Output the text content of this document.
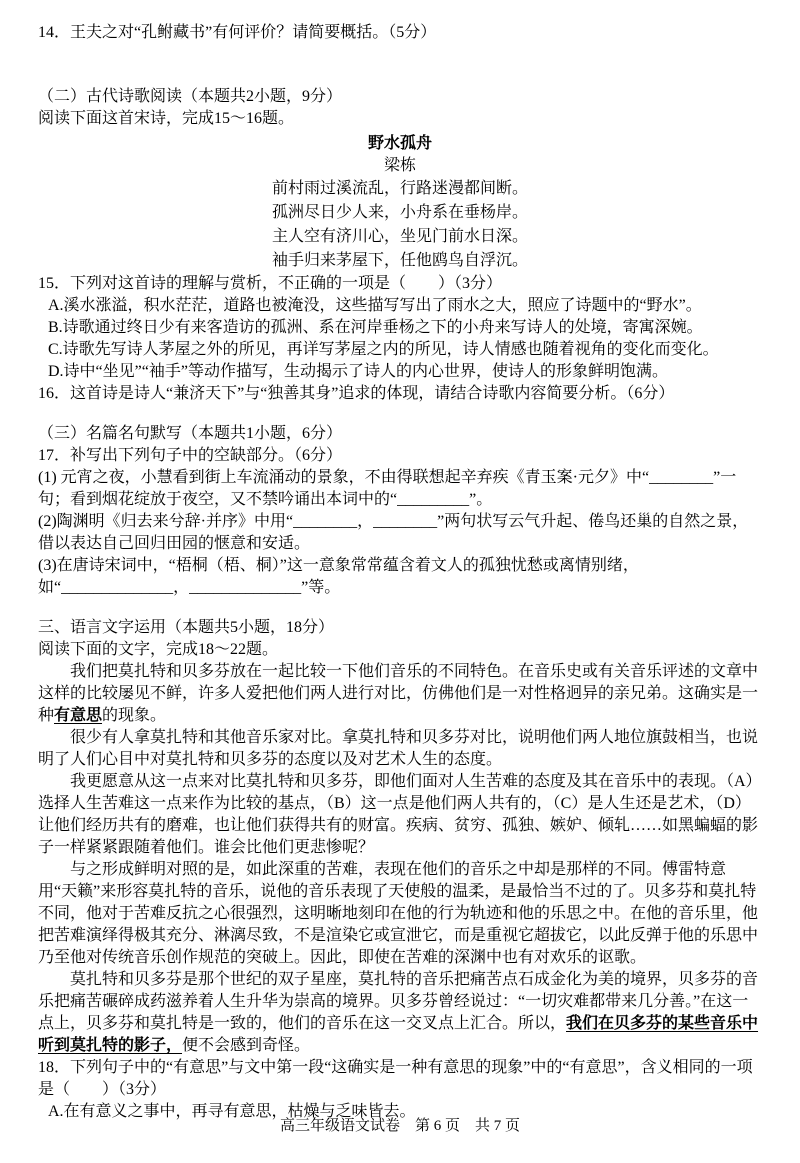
14．王夫之对“孔鲋藏书”有何评价？请简要概括。（5分）

（二）古代诗歌阅读（本题共2小题，9分）

阅读下面这首宋诗，完成15～16题。

野水孤舟

梁栋

前村雨过溪流乱，行路迷漫都间断。

孤洲尽日少人来，小舟系在垂杨岸。

主人空有济川心，坐见门前水日深。

袖手归来茅屋下，任他鸥鸟自浮沉。

15．下列对这首诗的理解与赏析，不正确的一项是（　　）（3分）

A.溪水涨溢，积水茫茫，道路也被淹没，这些描写写出了雨水之大，照应了诗题中的“野水”。

B.诗歌通过终日少有来客造访的孤洲、系在河岸垂杨之下的小舟来写诗人的处境，寄寓深婉。

C.诗歌先写诗人茅屋之外的所见，再详写茅屋之内的所见，诗人情感也随着视角的变化而变化。

D.诗中“坐见”“袖手”等动作描写，生动揭示了诗人的内心世界，使诗人的形象鲜明饱满。

16．这首诗是诗人“兼济天下”与“独善其身”追求的体现，请结合诗歌内容简要分析。（6分）

（三）名篇名句默写（本题共1小题，6分）

17．补写出下列句子中的空缺部分。（6分）

(1) 元宵之夜，小慧看到街上车流涌动的景象，不由得联想起辛弃疾《青玉案·元夕》中“________”一句；看到烟花绽放于夜空，又不禁吟诵出本词中的“_________”。

(2)陶渊明《归去来兮辞·并序》中用“________，________”两句状写云气升起、倦鸟还巢的自然之景，借以表达自己回归田园的惬意和安适。

(3)在唐诗宋词中，“梧桐（梧、桐）”这一意象常常蕴含着文人的孤独忧愁或离情别绪，如“______________，______________”等。

三、语言文字运用（本题共5小题，18分）

阅读下面的文字，完成18～22题。

我们把莫扎特和贝多芬放在一起比较一下他们音乐的不同特色。在音乐史或有关音乐评述的文章中这样的比较屡见不鲜，许多人爱把他们两人进行对比，仿佛他们是一对性格迥异的亲兄弟。这确实是一种有意思的现象。

很少有人拿莫扎特和其他音乐家对比。拿莫扎特和贝多芬对比，说明他们两人地位旗鼓相当，也说明了人们心目中对莫扎特和贝多芬的态度以及对艺术人生的态度。

我更愿意从这一点来对比莫扎特和贝多芬，即他们面对人生苦难的态度及其在音乐中的表现。（A）选择人生苦难这一点来作为比较的基点，（B）这一点是他们两人共有的，（C）是人生还是艺术，（D）让他们经历共有的磨难，也让他们获得共有的财富。疾病、贫穷、孤独、嫉妒、倾轧……如黑蝙蝠的影子一样紧紧跟随着他们。谁会比他们更悲惨呢？

与之形成鲜明对照的是，如此深重的苦难，表现在他们的音乐之中却是那样的不同。傅雷特意用“天籁”来形容莫扎特的音乐，说他的音乐表现了天使般的温柔，是最恰当不过的了。贝多芬和莫扎特不同，他对于苦难反抗之心很强烈，这明晰地刻印在他的行为轨迹和他的乐思之中。在他的音乐里，他把苦难演绎得极其充分、淋漓尽致，不是渲染它或宣泄它，而是重视它超拔它，以此反弹于他的乐思中乃至他对传统音乐创作规范的突破上。因此，即使在苦难的深渊中也有对欢乐的讴歌。

莫扎特和贝多芬是那个世纪的双子星座，莫扎特的音乐把痛苦点石成金化为美的境界，贝多芬的音乐把痛苦碾碎成药滋养着人生升华为崇高的境界。贝多芬曾经说过：“一切灾难都带来几分善。”在这一点上，贝多芬和莫扎特是一致的，他们的音乐在这一交叉点上汇合。所以，我们在贝多芬的某些音乐中听到莫扎特的影子，便不会感到奇怪。

18．下列句子中的“有意思”与文中第一段“这确实是一种有意思的现象”中的“有意思”，含义相同的一项是（　　）（3分）

A.在有意义之事中，再寻有意思，枯燥与乏味皆去。

高三年级语文试卷　第 6 页　共 7 页
